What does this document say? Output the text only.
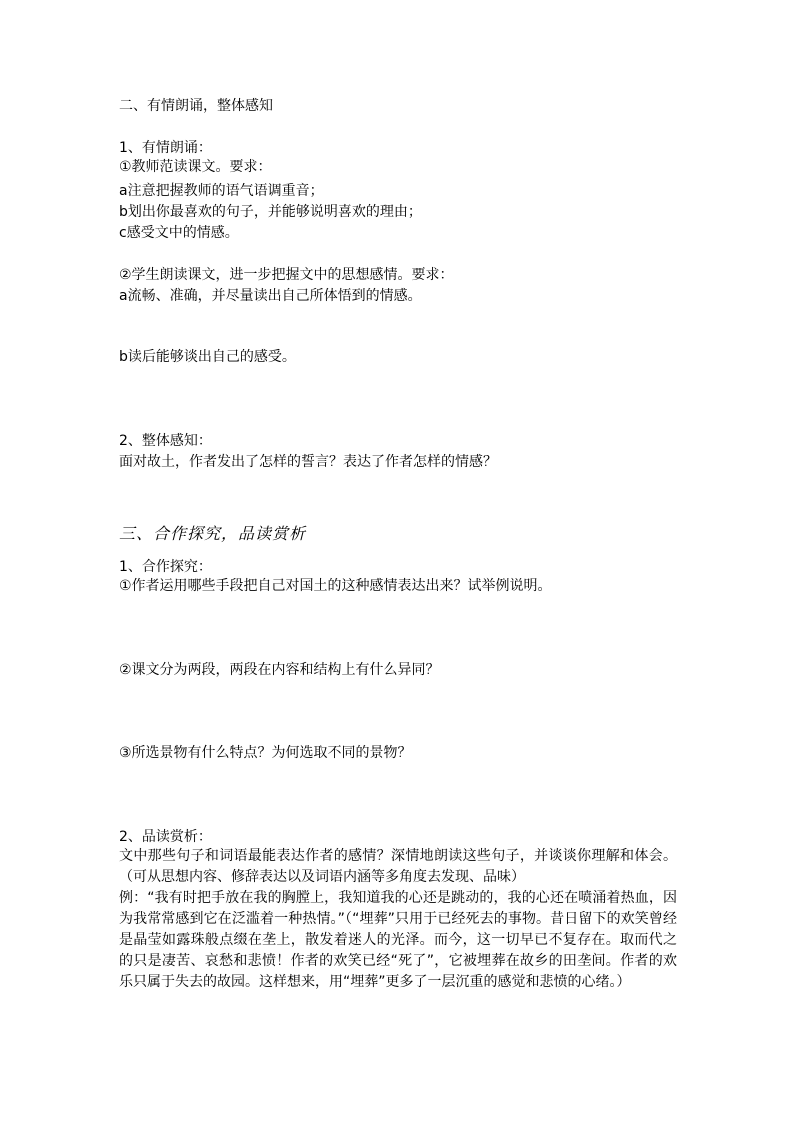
二、有情朗诵，整体感知
1、有情朗诵：
①教师范读课文。要求：
a注意把握教师的语气语调重音；
b划出你最喜欢的句子，并能够说明喜欢的理由；
c感受文中的情感。
②学生朗读课文，进一步把握文中的思想感情。要求：
a流畅、准确，并尽量读出自己所体悟到的情感。
b读后能够谈出自己的感受。
2、整体感知：
面对故土，作者发出了怎样的誓言？表达了作者怎样的情感？
三、合作探究，品读赏析
1、合作探究：
①作者运用哪些手段把自己对国土的这种感情表达出来？试举例说明。
②课文分为两段，两段在内容和结构上有什么异同？
③所选景物有什么特点？为何选取不同的景物？
2、品读赏析：
文中那些句子和词语最能表达作者的感情？深情地朗读这些句子，并谈谈你理解和体会。（可从思想内容、修辞表达以及词语内涵等多角度去发现、品味）
例：“我有时把手放在我的胸膛上，我知道我的心还是跳动的，我的心还在喷涌着热血，因为我常常感到它在泛滥着一种热情。”（“埋葬”只用于已经死去的事物。昔日留下的欢笑曾经是晶莹如露珠般点缀在垄上，散发着迷人的光泽。而今，这一切早已不复存在。取而代之的只是凄苦、哀愁和悲愤！作者的欢笑已经“死了”，它被埋葬在故乡的田垄间。作者的欢乐只属于失去的故园。这样想来，用“埋葬”更多了一层沉重的感觉和悲愤的心绪。）
